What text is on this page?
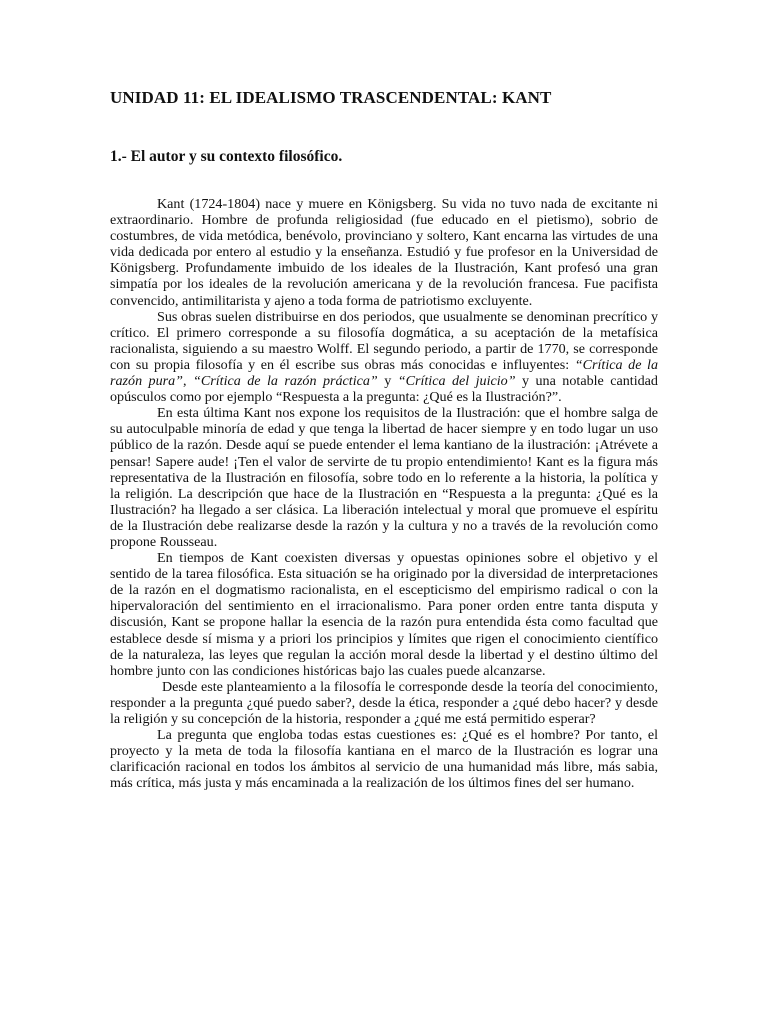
UNIDAD 11: EL IDEALISMO TRASCENDENTAL: KANT
1.- El autor y su contexto filosófico.

Kant (1724-1804) nace y muere en Königsberg. Su vida no tuvo nada de excitante ni extraordinario. Hombre de profunda religiosidad (fue educado en el pietismo), sobrio de costumbres, de vida metódica, benévolo, provinciano y soltero, Kant encarna las virtudes de una vida dedicada por entero al estudio y la enseñanza. Estudió y fue profesor en la Universidad de Königsberg. Profundamente imbuido de los ideales de la Ilustración, Kant profesó una gran simpatía por los ideales de la revolución americana y de la revolución francesa. Fue pacifista convencido, antimilitarista y ajeno a toda forma de patriotismo excluyente.

Sus obras suelen distribuirse en dos periodos, que usualmente se denominan precrítico y crítico. El primero corresponde a su filosofía dogmática, a su aceptación de la metafísica racionalista, siguiendo a su maestro Wolff. El segundo periodo, a partir de 1770, se corresponde con su propia filosofía y en él escribe sus obras más conocidas e influyentes: “Crítica de la razón pura”, “Crítica de la razón práctica” y “Crítica del juicio” y una notable cantidad opúsculos como por ejemplo “Respuesta a la pregunta: ¿Qué es la Ilustración?”.

En esta última Kant nos expone los requisitos de la Ilustración: que el hombre salga de su autoculpable minoría de edad y que tenga la libertad de hacer siempre y en todo lugar un uso público de la razón. Desde aquí se puede entender el lema kantiano de la ilustración: ¡Atrévete a pensar! Sapere aude! ¡Ten el valor de servirte de tu propio entendimiento! Kant es la figura más representativa de la Ilustración en filosofía, sobre todo en lo referente a la historia, la política y la religión. La descripción que hace de la Ilustración en “Respuesta a la pregunta: ¿Qué es la Ilustración? ha llegado a ser clásica. La liberación intelectual y moral que promueve el espíritu de la Ilustración debe realizarse desde la razón y la cultura y no a través de la revolución como propone Rousseau.

En tiempos de Kant coexisten diversas y opuestas opiniones sobre el objetivo y el sentido de la tarea filosófica. Esta situación se ha originado por la diversidad de interpretaciones de la razón en el dogmatismo racionalista, en el escepticismo del empirismo radical o con la hipervaloración del sentimiento en el irracionalismo. Para poner orden entre tanta disputa y discusión, Kant se propone hallar la esencia de la razón pura entendida ésta como facultad que establece desde sí misma y a priori los principios y límites que rigen el conocimiento científico de la naturaleza, las leyes que regulan la acción moral desde la libertad y el destino último del hombre junto con las condiciones históricas bajo las cuales puede alcanzarse.

Desde este planteamiento a la filosofía le corresponde desde la teoría del conocimiento, responder a la pregunta ¿qué puedo saber?, desde la ética, responder a ¿qué debo hacer? y desde la religión y su concepción de la historia, responder a ¿qué me está permitido esperar?

La pregunta que engloba todas estas cuestiones es: ¿Qué es el hombre? Por tanto, el proyecto y la meta de toda la filosofía kantiana en el marco de la Ilustración es lograr una clarificación racional en todos los ámbitos al servicio de una humanidad más libre, más sabia, más crítica, más justa y más encaminada a la realización de los últimos fines del ser humano.
